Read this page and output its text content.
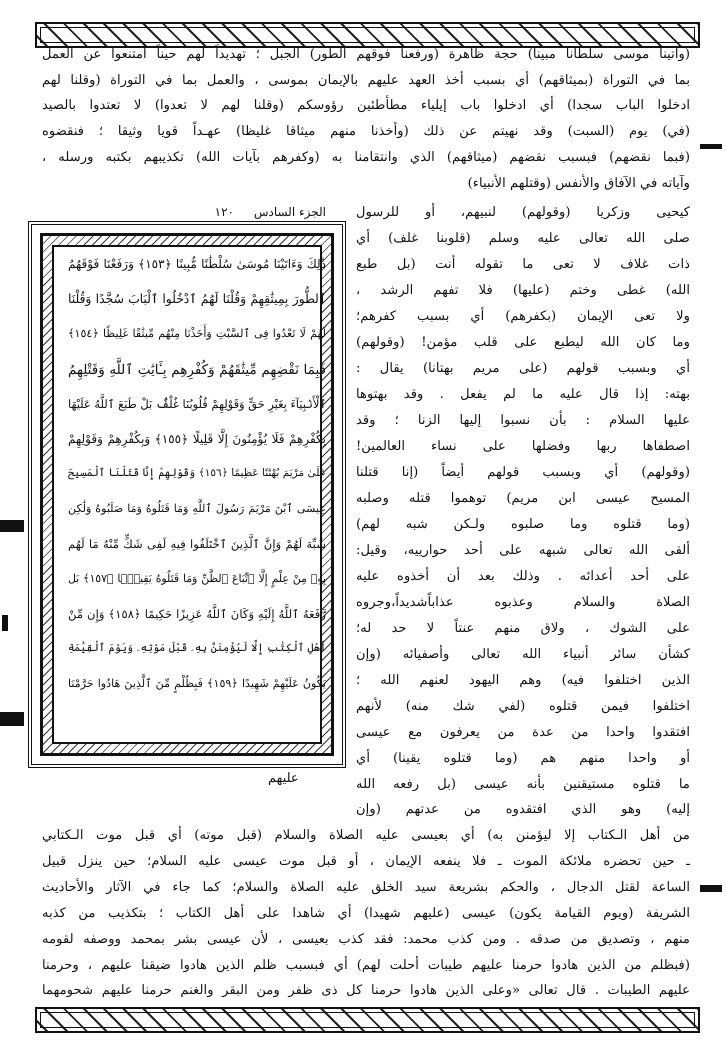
(وآتينا موسى سلطانا مبينا) حجة ظاهرة (ورفعنا فوقهم الطور) الجبل ؛ تهديداً لهم حيناً امتنعوا عن العمل
بما في التوراة (بميثاقهم) أي بسبب أخذ العهد عليهم بالإيمان بموسى ، والعمل بما في التوراة (وقلنا لهم
ادخلوا الباب سجدا) أي ادخلوا باب إيلياء مطأطئين رؤوسكم (وقلنا لهم لا تعدوا) لا تعتدوا بالصيد
(في) يوم (السبت) وقد نهيتم عن ذلك (وأخذنا منهم ميثاقا غليظا) عهـداً قويا وثيقا ؛ فنقضوه
(فبما نقضهم) فبسبب نقضهم (ميثاقهم) الذي وانتقامنا به (وكفرهم بآيات الله) تكذيبهم بكتبه ورسله ،
وآياته في الآفاق والأنفس (وقتلهم الأنبياء)
١٢٠ الجزء السادس
ذَٰلِكَ وَءَاتَيْنَا مُوسَىٰ سُلْطَٰنًا مُّبِينًا ﴿١٥٣﴾ وَرَفَعْنَا فَوْقَهُمُ
ٱلطُّورَ بِمِيثَٰقِهِمْ وَقُلْنَا لَهُمُ ٱدْخُلُوا ٱلْبَابَ سُجَّدًا وَقُلْنَا
لَهُمْ لَا تَعْدُوا فِى ٱلسَّبْتِ وَأَخَذْنَا مِنْهُم مِّيثَٰقًا غَلِيظًا ﴿١٥٤﴾
فَبِمَا نَقْضِهِم مِّيثَٰقَهُمْ وَكُفْرِهِم بِـَٔايَٰتِ ٱللَّهِ وَقَتْلِهِمُ
ٱلْأَنۢبِيَآءَ بِغَيْرِ حَقٍّ وَقَوْلِهِمْ قُلُوبُنَا غُلْفٌۢ بَلْ طَبَعَ ٱللَّهُ عَلَيْهَا
بِكُفْرِهِمْ فَلَا يُؤْمِنُونَ إِلَّا قَلِيلًا ﴿١٥٥﴾ وَبِكُفْرِهِمْ وَقَوْلِهِمْ
عَلَىٰ مَرْيَمَ بُهْتَٰنًا عَظِيمًا ﴿١٥٦﴾ وَقَوْلِهِمْ إِنَّا قَتَلْنَا ٱلْمَسِيحَ
عِيسَى ٱبْنَ مَرْيَمَ رَسُولَ ٱللَّهِ وَمَا قَتَلُوهُ وَمَا صَلَبُوهُ وَلَٰكِن
شُبِّهَ لَهُمْ وَإِنَّ ٱلَّذِينَ ٱخْتَلَفُوا فِيهِ لَفِى شَكٍّ مِّنْهُ مَا لَهُم
بِهِۦ مِنْ عِلْمٍ إِلَّا ٱتِّبَاعَ ٱلظَّنِّ وَمَا قَتَلُوهُ يَقِينًۢا ﴿١٥٧﴾ بَل
رَّفَعَهُ ٱللَّهُ إِلَيْهِ وَكَانَ ٱللَّهُ عَزِيزًا حَكِيمًا ﴿١٥٨﴾ وَإِن مِّنْ
أَهْلِ ٱلْكِتَٰبِ إِلَّا لَيُؤْمِنَنَّ بِهِۦ قَبْلَ مَوْتِهِۦ وَيَوْمَ ٱلْقِيَٰمَةِ
يَكُونُ عَلَيْهِمْ شَهِيدًا ﴿١٥٩﴾ فَبِظُلْمٍ مِّنَ ٱلَّذِينَ هَادُوا حَرَّمْنَا
عليهم
كيحيى وزكريا (وقولهم) لنبيهم، أو للرسول
صلى الله تعالى عليه وسلم (قلوبنا غلف) أي
ذات غلاف لا تعى ما تقوله أنت (بل طبع
الله) غطى وختم (عليها) فلا تفهم الرشد ،
ولا تعى الإيمان (بكفرهم) أي بسبب كفرهم؛
وما كان الله ليطبع على قلب مؤمن! (وقولهم)
أي وبسبب قولهم (على مريم بهتانا) يقال :
بهته: إذا قال عليه ما لم يفعل . وقد بهتوها
عليها السلام : بأن نسبوا إليها الزنا ؛ وقد
اصطفاها ربها وفضلها على نساء العالمين!
(وقولهم) أي وبسبب قولهم أيضاً (إنا قتلنا
المسيح عيسى ابن مريم) توهموا قتله وصلبه
(وما قتلوه وما صلبوه ولـكن شبه لهم)
ألقى الله تعالى شبهه على أحد حوارييه، وقيل:
على أحد أعدائه . وذلك بعد أن أخذوه عليه
الصلاة والسلام وعذبوه عذاباًشديداً،وجروه
على الشوك ، ولاق منهم عنتاً لا حد له؛
كشأن سائر أنبياء الله تعالى وأصفيائه (وإن
الذين اختلفوا فيه) وهم اليهود لعنهم الله ؛
اختلفوا فيمن قتلوه (لفي شك منه) لأنهم
افتقدوا واحدا من عدة من يعرفون مع عيسى
أو واحدا منهم هم (وما قتلوه يقينا) أي
ما قتلوه مستيقنين بأنه عيسى (بل رفعه الله
إليه) وهو الذي افتقدوه من عدتهم (وإن
من أهل الـكتاب إلا ليؤمنن به) أي بعيسى عليه الصلاة والسلام (قبل موته) أي قبل موت الـكتابي
ـ حين تحضره ملائكة الموت ـ فلا ينفعه الإيمان ، أو قبل موت عيسى عليه السلام؛ حين ينزل قبيل
الساعة لقتل الدجال ، والحكم بشريعة سيد الخلق عليه الصلاة والسلام؛ كما جاء في الآثار والأحاديث
الشريفة (ويوم القيامة يكون) عيسى (عليهم شهيدا) أي شاهدا على أهل الكتاب ؛ بتكذيب من كذبه
منهم ، وتصديق من صدقه . ومن كذب محمد: فقد كذب بعيسى ، لأن عيسى بشر بمحمد ووصفه لقومه
(فبظلم من الذين هادوا حرمنا عليهم طيبات أحلت لهم) أي فبسبب ظلم الذين هادوا ضيقنا عليهم ، وحرمنا
عليهم الطيبات . قال تعالى «وعلى الذين هادوا حرمنا كل ذى ظفر ومن البقر والغنم حرمنا عليهم شحومهما
